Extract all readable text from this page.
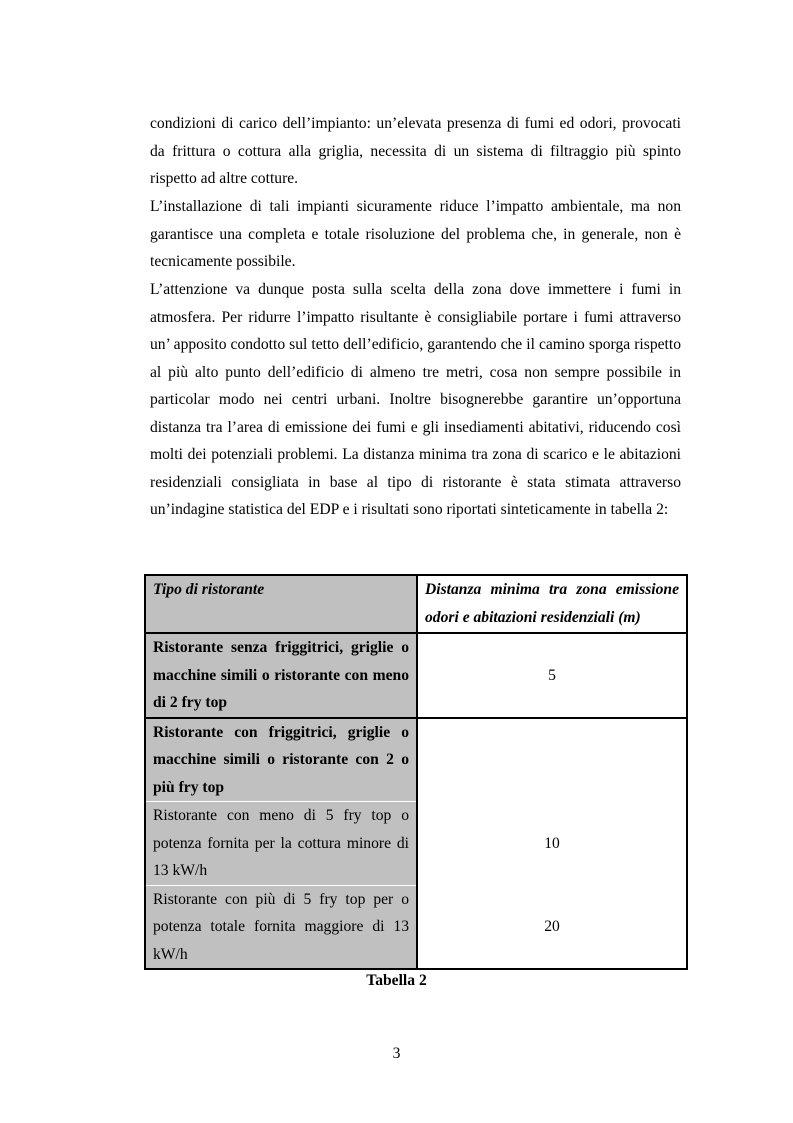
condizioni di carico dell’impianto: un’elevata presenza di fumi ed odori, provocati da frittura o cottura alla griglia, necessita di un sistema di filtraggio più spinto rispetto ad altre cotture.

L’installazione di tali impianti sicuramente riduce l’impatto ambientale, ma non garantisce una completa e totale risoluzione del problema che, in generale, non è tecnicamente possibile.

L’attenzione va dunque posta sulla scelta della zona dove immettere i fumi in atmosfera. Per ridurre l’impatto risultante è consigliabile portare i fumi attraverso un’ apposito condotto sul tetto dell’edificio, garantendo che il camino sporga rispetto al più alto punto dell’edificio di almeno tre metri, cosa non sempre possibile in particolar modo nei centri urbani. Inoltre bisognerebbe garantire un’opportuna distanza tra l’area di emissione dei fumi e gli insediamenti abitativi, riducendo così molti dei potenziali problemi. La distanza minima tra zona di scarico e le abitazioni residenziali consigliata in base al tipo di ristorante è stata stimata attraverso un’indagine statistica del EDP e i risultati sono riportati sinteticamente in tabella 2:

Tipo di ristorante	Distanza minima tra zona emissione odori e abitazioni residenziali (m)
Ristorante senza friggitrici, griglie o macchine simili o ristorante con meno di 2 fry top	5
Ristorante con friggitrici, griglie o macchine simili o ristorante con 2 o più fry top	
Ristorante con meno di 5 fry top o potenza fornita per la cottura minore di 13 kW/h	10
Ristorante con più di 5 fry top per o potenza totale fornita maggiore di 13 kW/h	20

Tabella 2

3
